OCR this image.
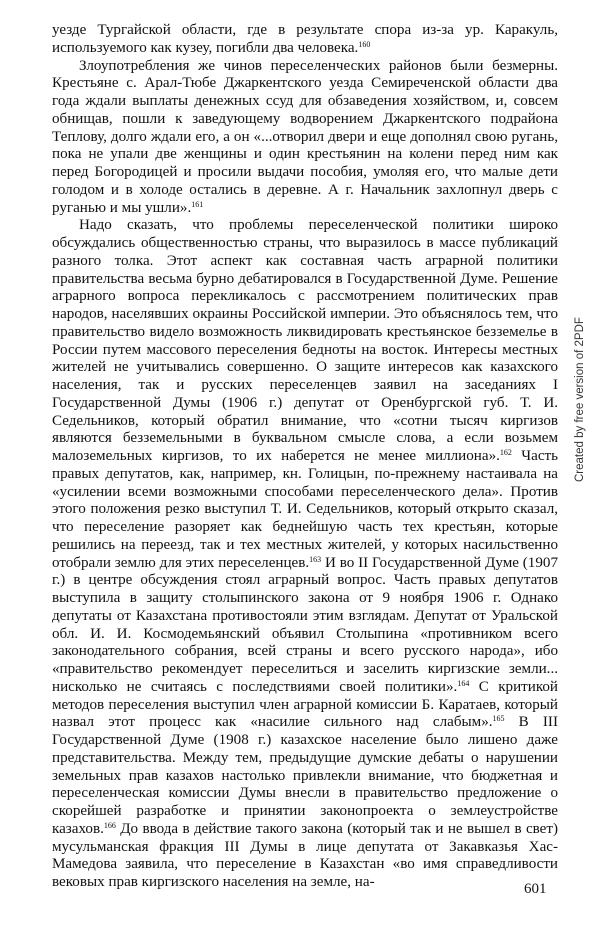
уезде Тургайской области, где в результате спора из-за ур. Каракуль, используемого как кузеу, погибли два человека.$^{160}$

Злоупотребления же чинов переселенческих районов были безмерны. Крестьяне с. Арал-Тюбе Джаркентского уезда Семиреченской области два года ждали выплаты денежных ссуд для обзаведения хозяйством, и, совсем обнищав, пошли к заведующему водворением Джаркентского подрайона Теплову, долго ждали его, а он «...отворил двери и еще дополнял свою ругань, пока не упали две женщины и один крестьянин на колени перед ним как перед Богородицей и просили выдачи пособия, умоляя его, что малые дети голодом и в холоде остались в деревне. А г. Начальник захлопнул дверь с руганью и мы ушли».$^{161}$

Надо сказать, что проблемы переселенческой политики широко обсуждались общественностью страны, что выразилось в массе публикаций разного толка. Этот аспект как составная часть аграрной политики правительства весьма бурно дебатировался в Государственной Думе. Решение аграрного вопроса перекликалось с рассмотрением политических прав народов, населявших окраины Российской империи. Это объяснялось тем, что правительство видело возможность ликвидировать крестьянское безземелье в России путем массового переселения бедноты на восток. Интересы местных жителей не учитывались совершенно. О защите интересов как казахского населения, так и русских переселенцев заявил на заседаниях I Государственной Думы (1906 г.) депутат от Оренбургской губ. Т. И. Седельников, который обратил внимание, что «сотни тысяч киргизов являются безземельными в буквальном смысле слова, а если возьмем малоземельных киргизов, то их наберется не менее миллиона».$^{162}$ Часть правых депутатов, как, например, кн. Голицын, по-прежнему настаивала на «усилении всеми возможными способами переселенческого дела». Против этого положения резко выступил Т. И. Седельников, который открыто сказал, что переселение разоряет как беднейшую часть тех крестьян, которые решились на переезд, так и тех местных жителей, у которых насильственно отобрали землю для этих переселенцев.$^{163}$ И во II Государственной Думе (1907 г.) в центре обсуждения стоял аграрный вопрос. Часть правых депутатов выступила в защиту столыпинского закона от 9 ноября 1906 г. Однако депутаты от Казахстана противостояли этим взглядам. Депутат от Уральской обл. И. И. Космодемьянский объявил Столыпина «противником всего законодательного собрания, всей страны и всего русского народа», ибо «правительство рекомендует переселиться и заселить киргизские земли... нисколько не считаясь с последствиями своей политики».$^{164}$ С критикой методов переселения выступил член аграрной комиссии Б. Каратаев, который назвал этот процесс как «насилие сильного над слабым».$^{165}$ В III Государственной Думе (1908 г.) казахское население было лишено даже представительства. Между тем, предыдущие думские дебаты о нарушении земельных прав казахов настолько привлекли внимание, что бюджетная и переселенческая комиссии Думы внесли в правительство предложение о скорейшей разработке и принятии законопроекта о землеустройстве казахов.$^{166}$ До ввода в действие такого закона (который так и не вышел в свет) мусульманская фракция III Думы в лице депутата от Закавказья Хас-Мамедова заявила, что переселение в Казахстан «во имя справедливости вековых прав киргизского населения на земле, на-

Created by free version of 2PDF
601
